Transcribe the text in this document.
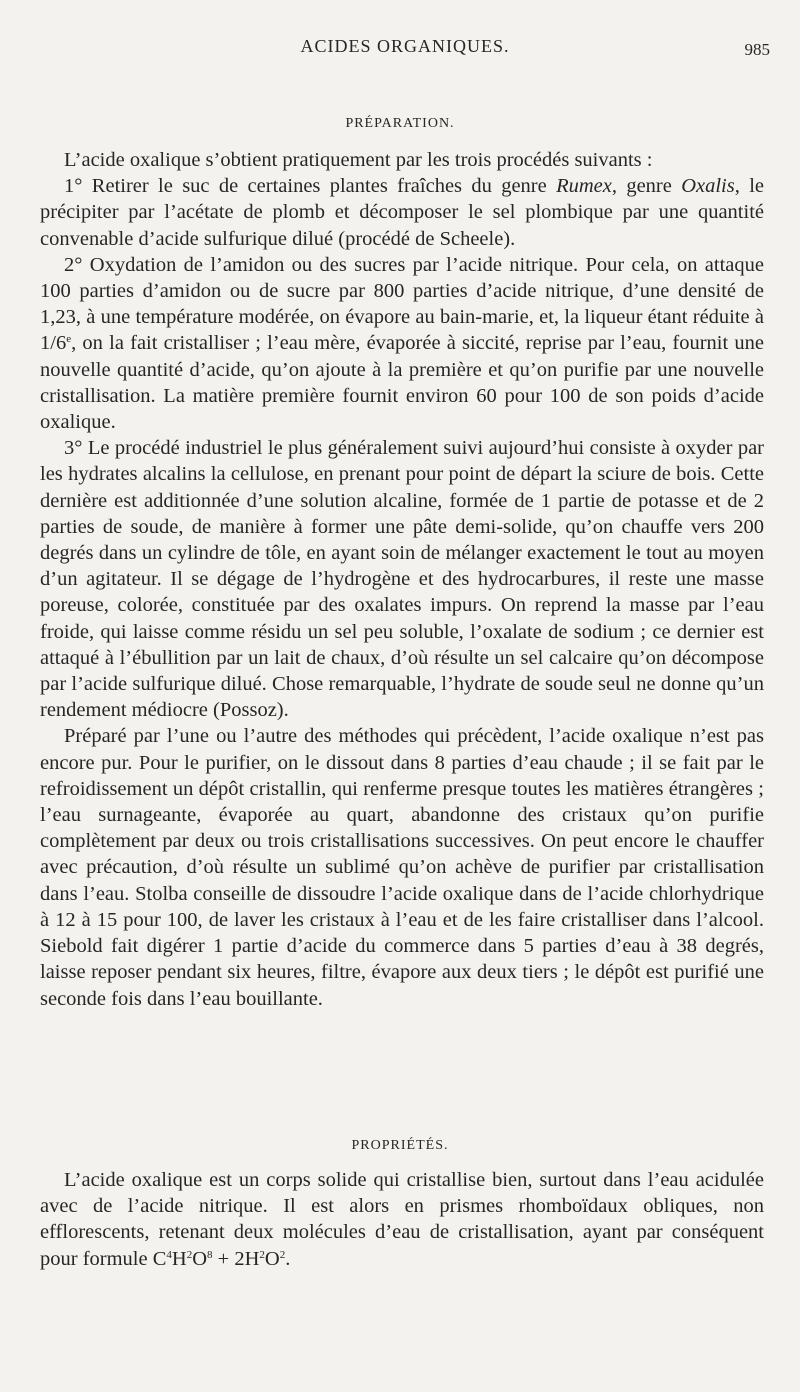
ACIDES ORGANIQUES.	985
PRÉPARATION.

L’acide oxalique s’obtient pratiquement par les trois procédés suivants :

1° Retirer le suc de certaines plantes fraîches du genre Rumex, genre Oxalis, le précipiter par l’acétate de plomb et décomposer le sel plombique par une quantité convenable d’acide sulfurique dilué (procédé de Scheele).

2° Oxydation de l’amidon ou des sucres par l’acide nitrique. Pour cela, on attaque 100 parties d’amidon ou de sucre par 800 parties d’acide nitrique, d’une densité de 1,23, à une température modérée, on évapore au bain-marie, et, la liqueur étant réduite à 1/6e, on la fait cristalliser ; l’eau mère, évaporée à siccité, reprise par l’eau, fournit une nouvelle quantité d’acide, qu’on ajoute à la première et qu’on purifie par une nouvelle cristallisation. La matière première fournit environ 60 pour 100 de son poids d’acide oxalique.

3° Le procédé industriel le plus généralement suivi aujourd’hui consiste à oxyder par les hydrates alcalins la cellulose, en prenant pour point de départ la sciure de bois. Cette dernière est additionnée d’une solution alcaline, formée de 1 partie de potasse et de 2 parties de soude, de manière à former une pâte demi-solide, qu’on chauffe vers 200 degrés dans un cylindre de tôle, en ayant soin de mélanger exactement le tout au moyen d’un agitateur. Il se dégage de l’hydrogène et des hydrocarbures, il reste une masse poreuse, colorée, constituée par des oxalates impurs. On reprend la masse par l’eau froide, qui laisse comme résidu un sel peu soluble, l’oxalate de sodium ; ce dernier est attaqué à l’ébullition par un lait de chaux, d’où résulte un sel calcaire qu’on décompose par l’acide sulfurique dilué. Chose remarquable, l’hydrate de soude seul ne donne qu’un rendement médiocre (Possoz).

Préparé par l’une ou l’autre des méthodes qui précèdent, l’acide oxalique n’est pas encore pur. Pour le purifier, on le dissout dans 8 parties d’eau chaude ; il se fait par le refroidissement un dépôt cristallin, qui renferme presque toutes les matières étrangères ; l’eau surnageante, évaporée au quart, abandonne des cristaux qu’on purifie complètement par deux ou trois cristallisations successives. On peut encore le chauffer avec précaution, d’où résulte un sublimé qu’on achève de purifier par cristallisation dans l’eau. Stolba conseille de dissoudre l’acide oxalique dans de l’acide chlorhydrique à 12 à 15 pour 100, de laver les cristaux à l’eau et de les faire cristalliser dans l’alcool. Siebold fait digérer 1 partie d’acide du commerce dans 5 parties d’eau à 38 degrés, laisse reposer pendant six heures, filtre, évapore aux deux tiers ; le dépôt est purifié une seconde fois dans l’eau bouillante.

PROPRIÉTÉS.

L’acide oxalique est un corps solide qui cristallise bien, surtout dans l’eau acidulée avec de l’acide nitrique. Il est alors en prismes rhomboïdaux obliques, non efflorescents, retenant deux molécules d’eau de cristallisation, ayant par conséquent pour formule $C^4H^2O^8 + 2H^2O^2$.
